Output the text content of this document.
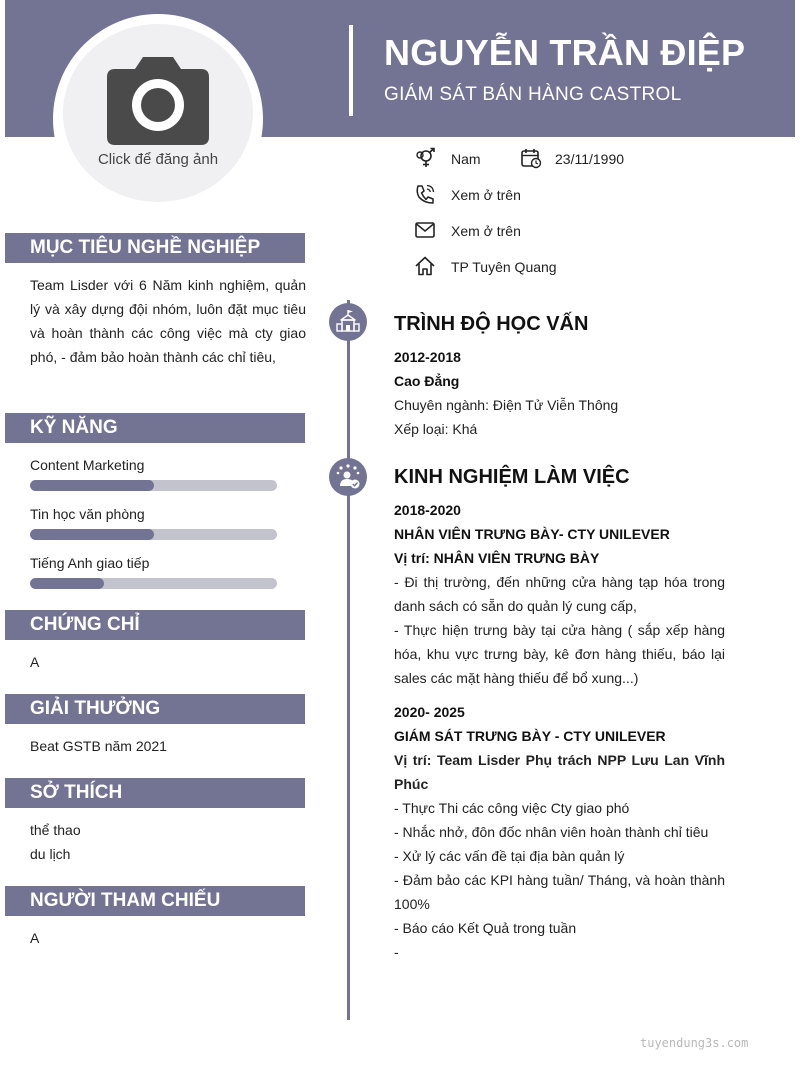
NGUYỄN TRẦN ĐIỆP
GIÁM SÁT BÁN HÀNG CASTROL
Click để đăng ảnh	Nam	23/11/1990
Xem ở trên
Xem ở trên
TP Tuyên Quang
MỤC TIÊU NGHỀ NGHIỆP
Team Lisder với 6 Năm kinh nghiệm, quản lý và xây dựng đội nhóm, luôn đặt mục tiêu và hoàn thành các công việc mà cty giao phó, - đảm bảo hoàn thành các chỉ tiêu,
KỸ NĂNG
Content Marketing
Tin học văn phòng
Tiếng Anh giao tiếp
CHỨNG CHỈ
A
GIẢI THƯỞNG
Beat GSTB năm 2021
SỞ THÍCH
thể thao
du lịch
NGƯỜI THAM CHIẾU
A
TRÌNH ĐỘ HỌC VẤN
2012-2018
Cao Đẳng
Chuyên ngành: Điện Tử Viễn Thông
Xếp loại: Khá
KINH NGHIỆM LÀM VIỆC
2018-2020
NHÂN VIÊN TRƯNG BÀY- CTY UNILEVER
Vị trí: NHÂN VIÊN TRƯNG BÀY
- Đi thị trường, đến những cửa hàng tạp hóa trong danh sách có sẵn do quản lý cung cấp,
- Thực hiện trưng bày tại cửa hàng ( sắp xếp hàng hóa, khu vực trưng bày, kê đơn hàng thiếu, báo lại sales các mặt hàng thiếu để bổ xung...)
2020- 2025
GIÁM SÁT TRƯNG BÀY - CTY UNILEVER
Vị trí: Team Lisder Phụ trách NPP Lưu Lan Vĩnh Phúc
- Thực Thi các công việc Cty giao phó
- Nhắc nhở, đôn đốc nhân viên hoàn thành chỉ tiêu
- Xử lý các vấn đề tại địa bàn quản lý
- Đảm bảo các KPI hàng tuần/ Tháng, và hoàn thành 100%
- Báo cáo Kết Quả trong tuần
-
tuyendung3s.com
